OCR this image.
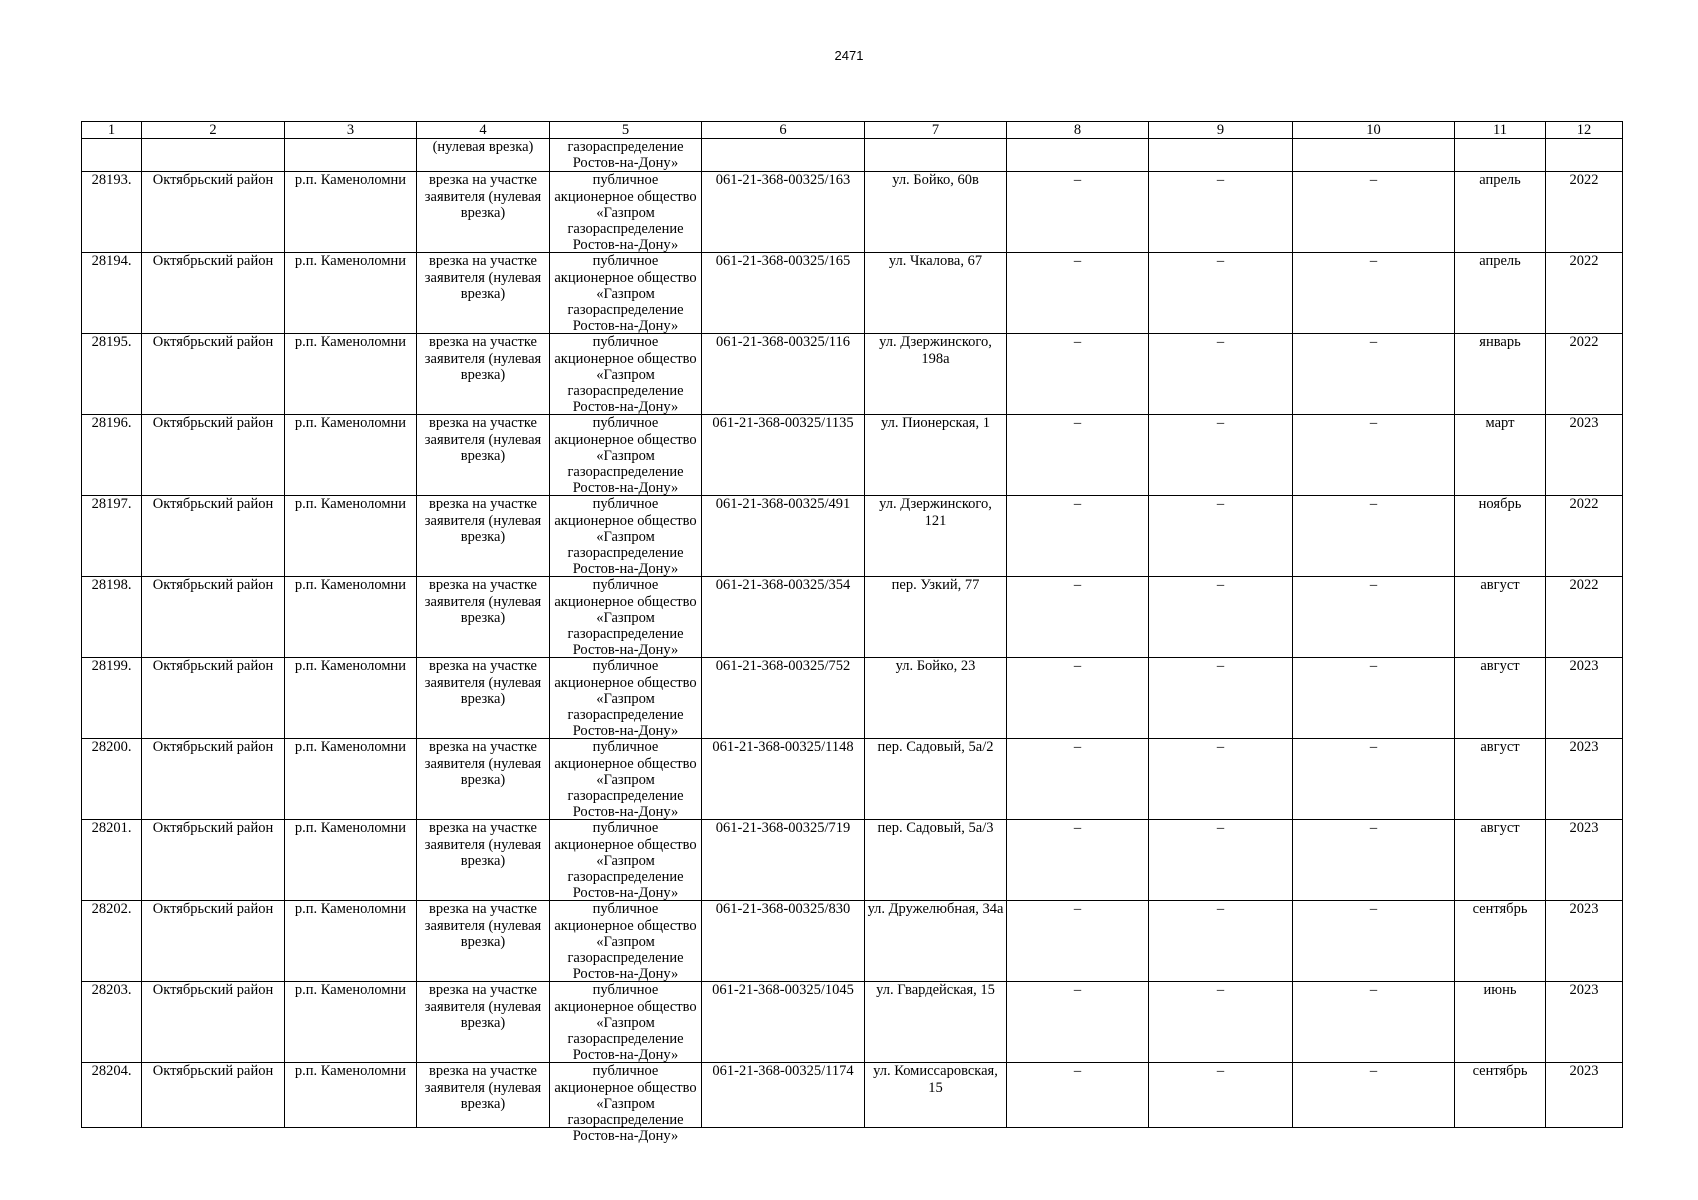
2471
1	2	3	4	5	6	7	8	9	10	11	12
			(нулевая врезка)	газораспределение Ростов-на-Дону»							

28193.	Октябрьский район	р.п. Каменоломни	врезка на участке заявителя (нулевая врезка)	публичное акционерное общество «Газпром газораспределение Ростов-на-Дону»	061-21-368-00325/163	ул. Бойко, 60в	–	–	–	апрель	2022

28194.	Октябрьский район	р.п. Каменоломни	врезка на участке заявителя (нулевая врезка)	публичное акционерное общество «Газпром газораспределение Ростов-на-Дону»	061-21-368-00325/165	ул. Чкалова, 67	–	–	–	апрель	2022

28195.	Октябрьский район	р.п. Каменоломни	врезка на участке заявителя (нулевая врезка)	публичное акционерное общество «Газпром газораспределение Ростов-на-Дону»	061-21-368-00325/116	ул. Дзержинского, 198а	–	–	–	январь	2022

28196.	Октябрьский район	р.п. Каменоломни	врезка на участке заявителя (нулевая врезка)	публичное акционерное общество «Газпром газораспределение Ростов-на-Дону»	061-21-368-00325/1135	ул. Пионерская, 1	–	–	–	март	2023

28197.	Октябрьский район	р.п. Каменоломни	врезка на участке заявителя (нулевая врезка)	публичное акционерное общество «Газпром газораспределение Ростов-на-Дону»	061-21-368-00325/491	ул. Дзержинского, 121	–	–	–	ноябрь	2022

28198.	Октябрьский район	р.п. Каменоломни	врезка на участке заявителя (нулевая врезка)	публичное акционерное общество «Газпром газораспределение Ростов-на-Дону»	061-21-368-00325/354	пер. Узкий, 77	–	–	–	август	2022

28199.	Октябрьский район	р.п. Каменоломни	врезка на участке заявителя (нулевая врезка)	публичное акционерное общество «Газпром газораспределение Ростов-на-Дону»	061-21-368-00325/752	ул. Бойко, 23	–	–	–	август	2023

28200.	Октябрьский район	р.п. Каменоломни	врезка на участке заявителя (нулевая врезка)	публичное акционерное общество «Газпром газораспределение Ростов-на-Дону»	061-21-368-00325/1148	пер. Садовый, 5а/2	–	–	–	август	2023

28201.	Октябрьский район	р.п. Каменоломни	врезка на участке заявителя (нулевая врезка)	публичное акционерное общество «Газпром газораспределение Ростов-на-Дону»	061-21-368-00325/719	пер. Садовый, 5а/3	–	–	–	август	2023

28202.	Октябрьский район	р.п. Каменоломни	врезка на участке заявителя (нулевая врезка)	публичное акционерное общество «Газпром газораспределение Ростов-на-Дону»	061-21-368-00325/830	ул. Дружелюбная, 34а	–	–	–	сентябрь	2023

28203.	Октябрьский район	р.п. Каменоломни	врезка на участке заявителя (нулевая врезка)	публичное акционерное общество «Газпром газораспределение Ростов-на-Дону»	061-21-368-00325/1045	ул. Гвардейская, 15	–	–	–	июнь	2023

28204.	Октябрьский район	р.п. Каменоломни	врезка на участке заявителя (нулевая врезка)	публичное акционерное общество «Газпром газораспределение Ростов-на-Дону»	061-21-368-00325/1174	ул. Комиссаровская, 15	–	–	–	сентябрь	2023
